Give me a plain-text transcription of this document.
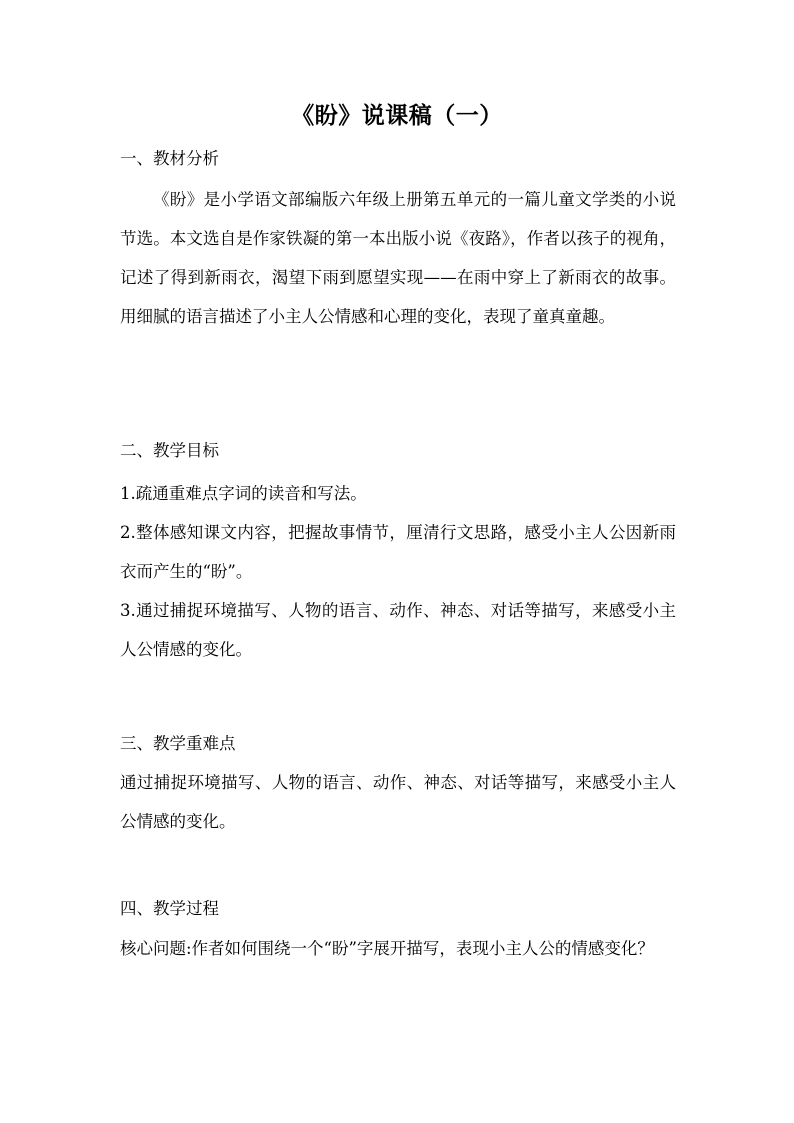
《盼》说课稿（一）
一、教材分析

《盼》是小学语文部编版六年级上册第五单元的一篇儿童文学类的小说节选。本文选自是作家铁凝的第一本出版小说《夜路》，作者以孩子的视角，记述了得到新雨衣，渴望下雨到愿望实现——在雨中穿上了新雨衣的故事。用细腻的语言描述了小主人公情感和心理的变化，表现了童真童趣。

二、教学目标

1.疏通重难点字词的读音和写法。

2.整体感知课文内容，把握故事情节，厘清行文思路，感受小主人公因新雨衣而产生的“盼”。

3.通过捕捉环境描写、人物的语言、动作、神态、对话等描写，来感受小主人公情感的变化。

三、教学重难点

通过捕捉环境描写、人物的语言、动作、神态、对话等描写，来感受小主人公情感的变化。

四、教学过程

核心问题:作者如何围绕一个“盼”字展开描写，表现小主人公的情感变化？
